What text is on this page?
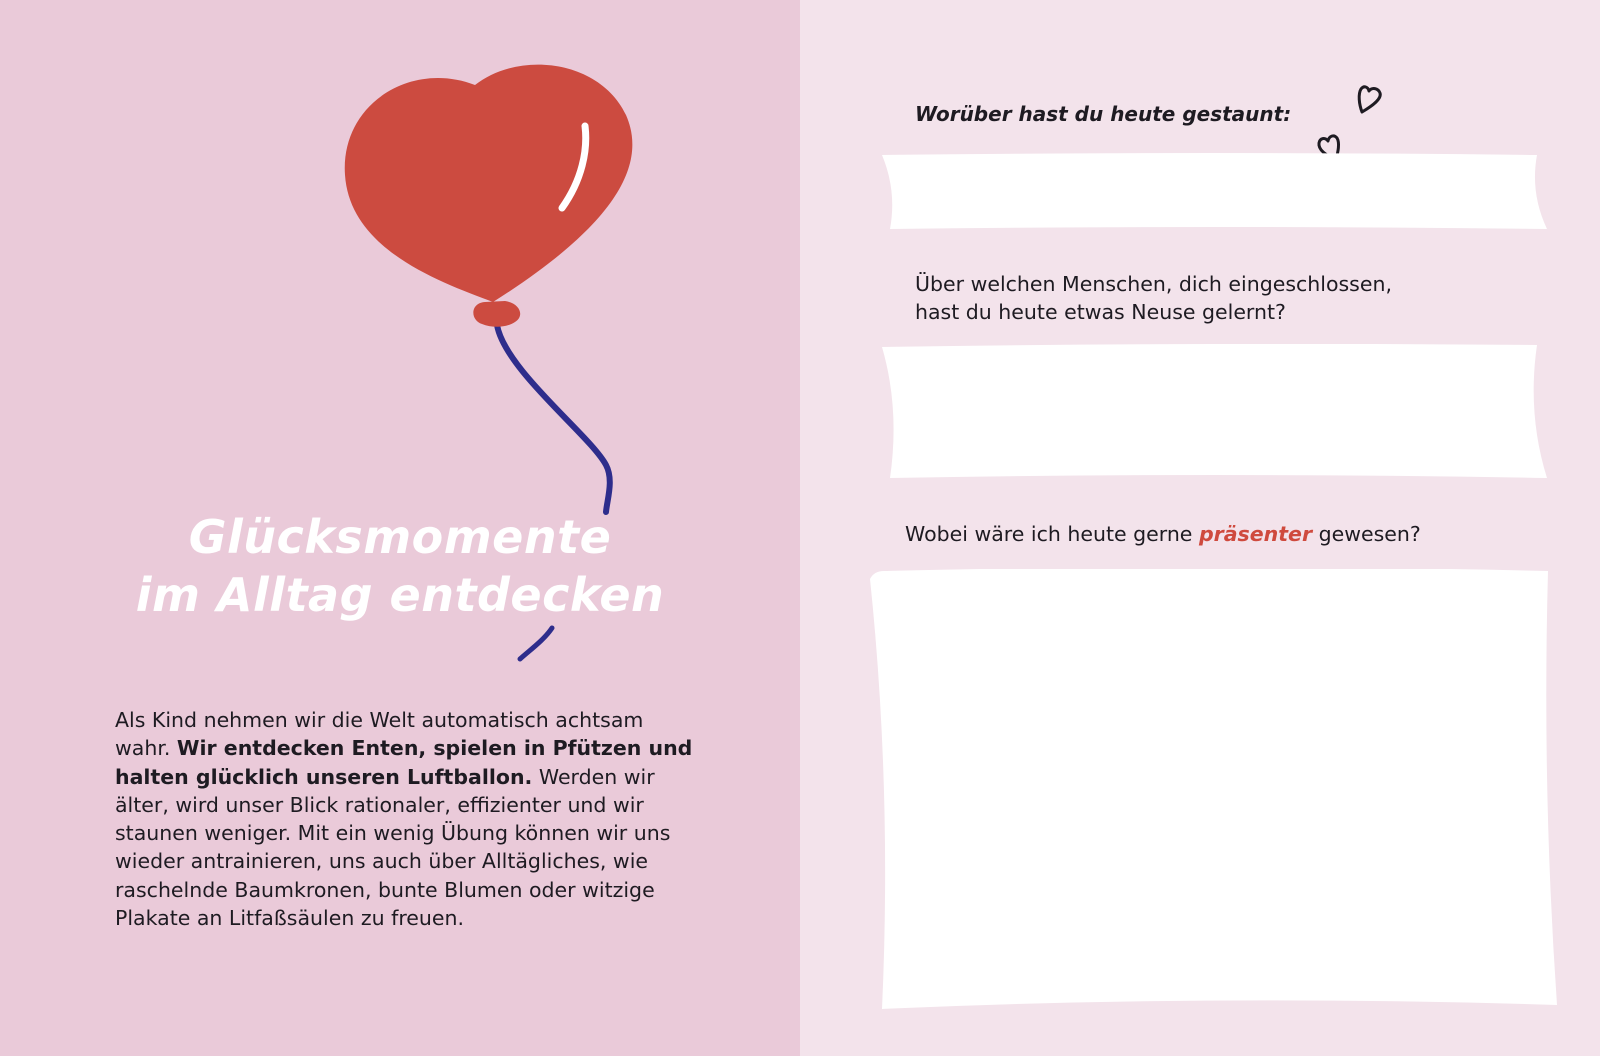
Glücksmomente
im Alltag entdecken

Als Kind nehmen wir die Welt automatisch achtsam wahr. Wir entdecken Enten, spielen in Pfützen und halten glücklich unseren Luftballon. Werden wir älter, wird unser Blick rationaler, effizienter und wir staunen weniger. Mit ein wenig Übung können wir uns wieder antrainieren, uns auch über Alltägliches, wie raschelnde Baumkronen, bunte Blumen oder witzige Plakate an Litfaßsäulen zu freuen.

Worüber hast du heute gestaunt:

Über welchen Menschen, dich eingeschlossen,
hast du heute etwas Neuse gelernt?

Wobei wäre ich heute gerne präsenter gewesen?
